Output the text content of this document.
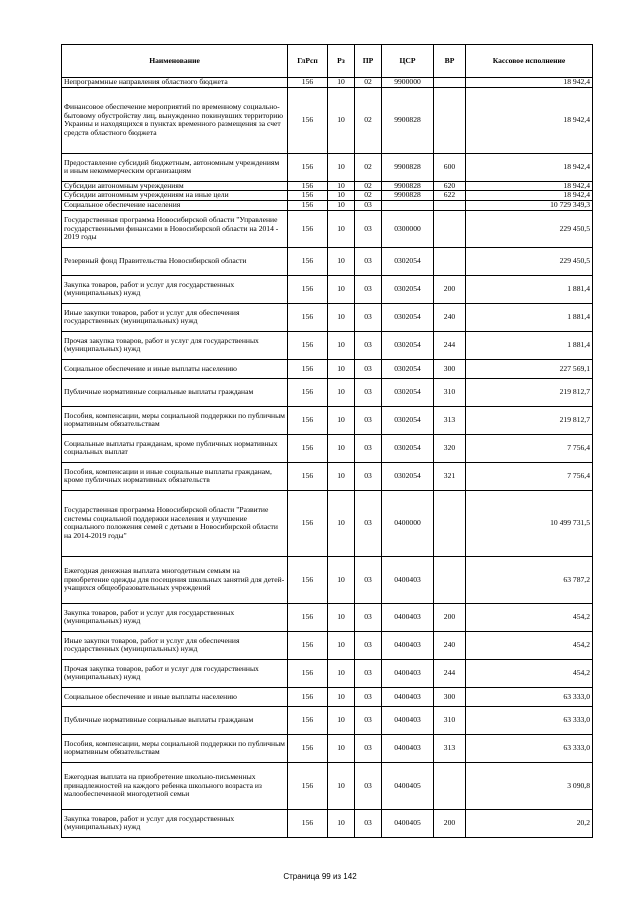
Наименование	ГлРсп	Рз	ПР	ЦСР	ВР	Кассовое исполнение
Непрограммные направления областного бюджета	156	10	02	9900000		18 942,4
Финансовое обеспечение мероприятий по временному социально-бытовому обустройству лиц, вынужденно покинувших территорию Украины и находящихся в пунктах временного размещения за счет средств областного бюджета	156	10	02	9900828		18 942,4
Предоставление субсидий бюджетным, автономным учреждениям и иным некоммерческим организациям	156	10	02	9900828	600	18 942,4
Субсидии автономным учреждениям	156	10	02	9900828	620	18 942,4
Субсидии автономным учреждениям на иные цели	156	10	02	9900828	622	18 942,4
Социальное обеспечение населения	156	10	03			10 729 349,3
Государственная программа Новосибирской области "Управление государственными финансами в Новосибирской области на 2014 - 2019 годы	156	10	03	0300000		229 450,5
Резервный фонд Правительства Новосибирской области	156	10	03	0302054		229 450,5
Закупка товаров, работ и услуг для государственных (муниципальных) нужд	156	10	03	0302054	200	1 881,4
Иные закупки товаров, работ и услуг для обеспечения государственных (муниципальных) нужд	156	10	03	0302054	240	1 881,4
Прочая закупка товаров, работ и услуг для государственных (муниципальных) нужд	156	10	03	0302054	244	1 881,4
Социальное обеспечение и иные выплаты населению	156	10	03	0302054	300	227 569,1
Публичные нормативные социальные выплаты гражданам	156	10	03	0302054	310	219 812,7
Пособия, компенсации, меры социальной поддержки по публичным нормативным обязательствам	156	10	03	0302054	313	219 812,7
Социальные выплаты гражданам, кроме публичных нормативных социальных выплат	156	10	03	0302054	320	7 756,4
Пособия, компенсации и иные социальные выплаты гражданам, кроме публичных нормативных обязательств	156	10	03	0302054	321	7 756,4
Государственная программа Новосибирской области "Развитие системы социальной поддержки населения и улучшение социального положения семей с детьми в Новосибирской области на 2014-2019 годы"	156	10	03	0400000		10 499 731,5
Ежегодная денежная выплата многодетным семьям на приобретение одежды для посещения школьных занятий для детей-учащихся общеобразовательных учреждений	156	10	03	0400403		63 787,2
Закупка товаров, работ и услуг для государственных (муниципальных) нужд	156	10	03	0400403	200	454,2
Иные закупки товаров, работ и услуг для обеспечения государственных (муниципальных) нужд	156	10	03	0400403	240	454,2
Прочая закупка товаров, работ и услуг для государственных (муниципальных) нужд	156	10	03	0400403	244	454,2
Социальное обеспечение и иные выплаты населению	156	10	03	0400403	300	63 333,0
Публичные нормативные социальные выплаты гражданам	156	10	03	0400403	310	63 333,0
Пособия, компенсации, меры социальной поддержки по публичным нормативным обязательствам	156	10	03	0400403	313	63 333,0
Ежегодная выплата на приобретение школьно-письменных принадлежностей на каждого ребенка школьного возраста из малообеспеченной многодетной семьи	156	10	03	0400405		3 090,8
Закупка товаров, работ и услуг для государственных (муниципальных) нужд	156	10	03	0400405	200	20,2
Страница 99 из 142
